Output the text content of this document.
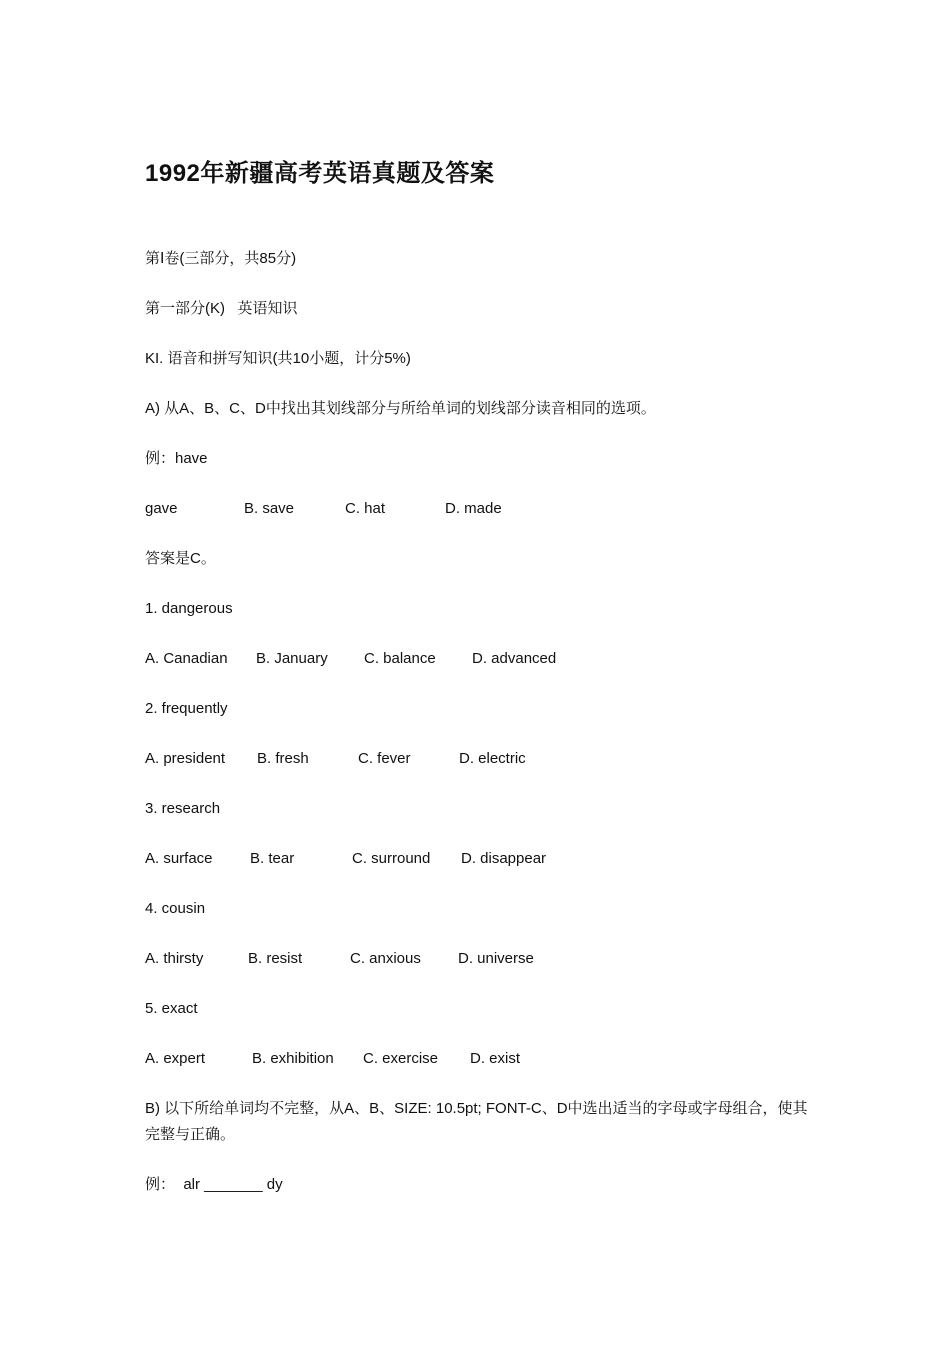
1992年新疆高考英语真题及答案
第Ⅰ卷(三部分，共85分)
第一部分(K)   英语知识
KI. 语音和拼写知识(共10小题，计分5%)
A) 从A、B、C、D中找出其划线部分与所给单词的划线部分读音相同的选项。
例：have
gave	B. save	C. hat	D. made
答案是C。
1. dangerous
A. Canadian B. January C. balance D. advanced
2. frequently
A. president B. fresh	C. fever	D. electric
3. research
A. surface B. tear	C. surround D. disappear
4. cousin
A. thirsty	B. resist	C. anxious D. universe
5. exact
A. expert	B. exhibition C. exercise D. exist
B) 以下所给单词均不完整，从A、B、SIZE: 10.5pt; FONT-C、D中选出适当的字母或字母组合，使其完整与正确。
例：  alr _______ dy
